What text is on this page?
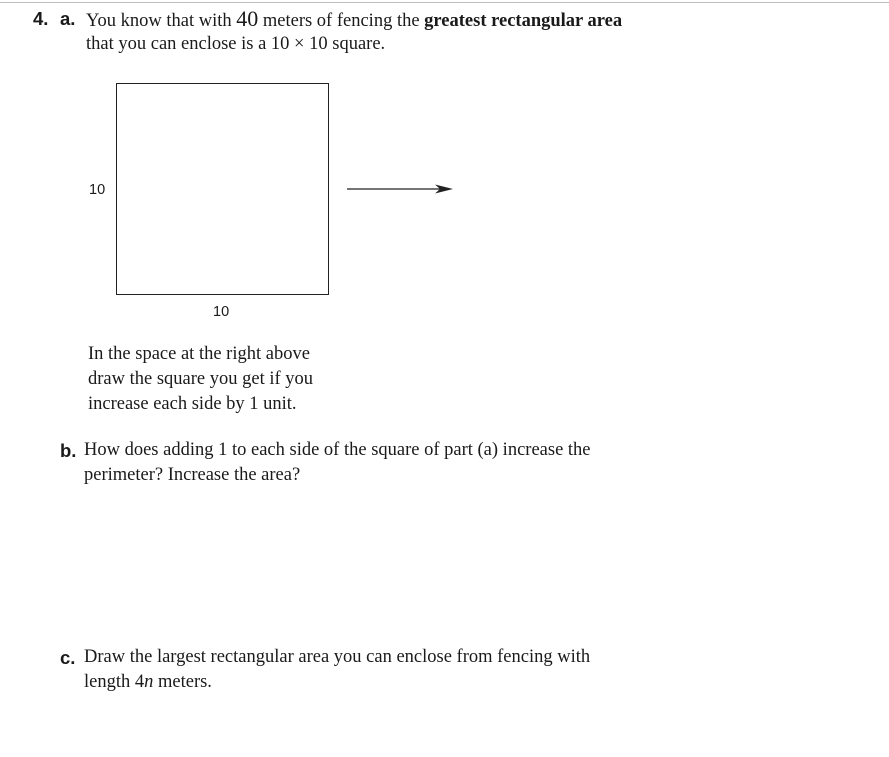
4. a. You know that with 40 meters of fencing the greatest rectangular area
that you can enclose is a 10 × 10 square.
10
10
In the space at the right above
draw the square you get if you
increase each side by 1 unit.
b. How does adding 1 to each side of the square of part (a) increase the
perimeter? Increase the area?
c. Draw the largest rectangular area you can enclose from fencing with
length 4n meters.
